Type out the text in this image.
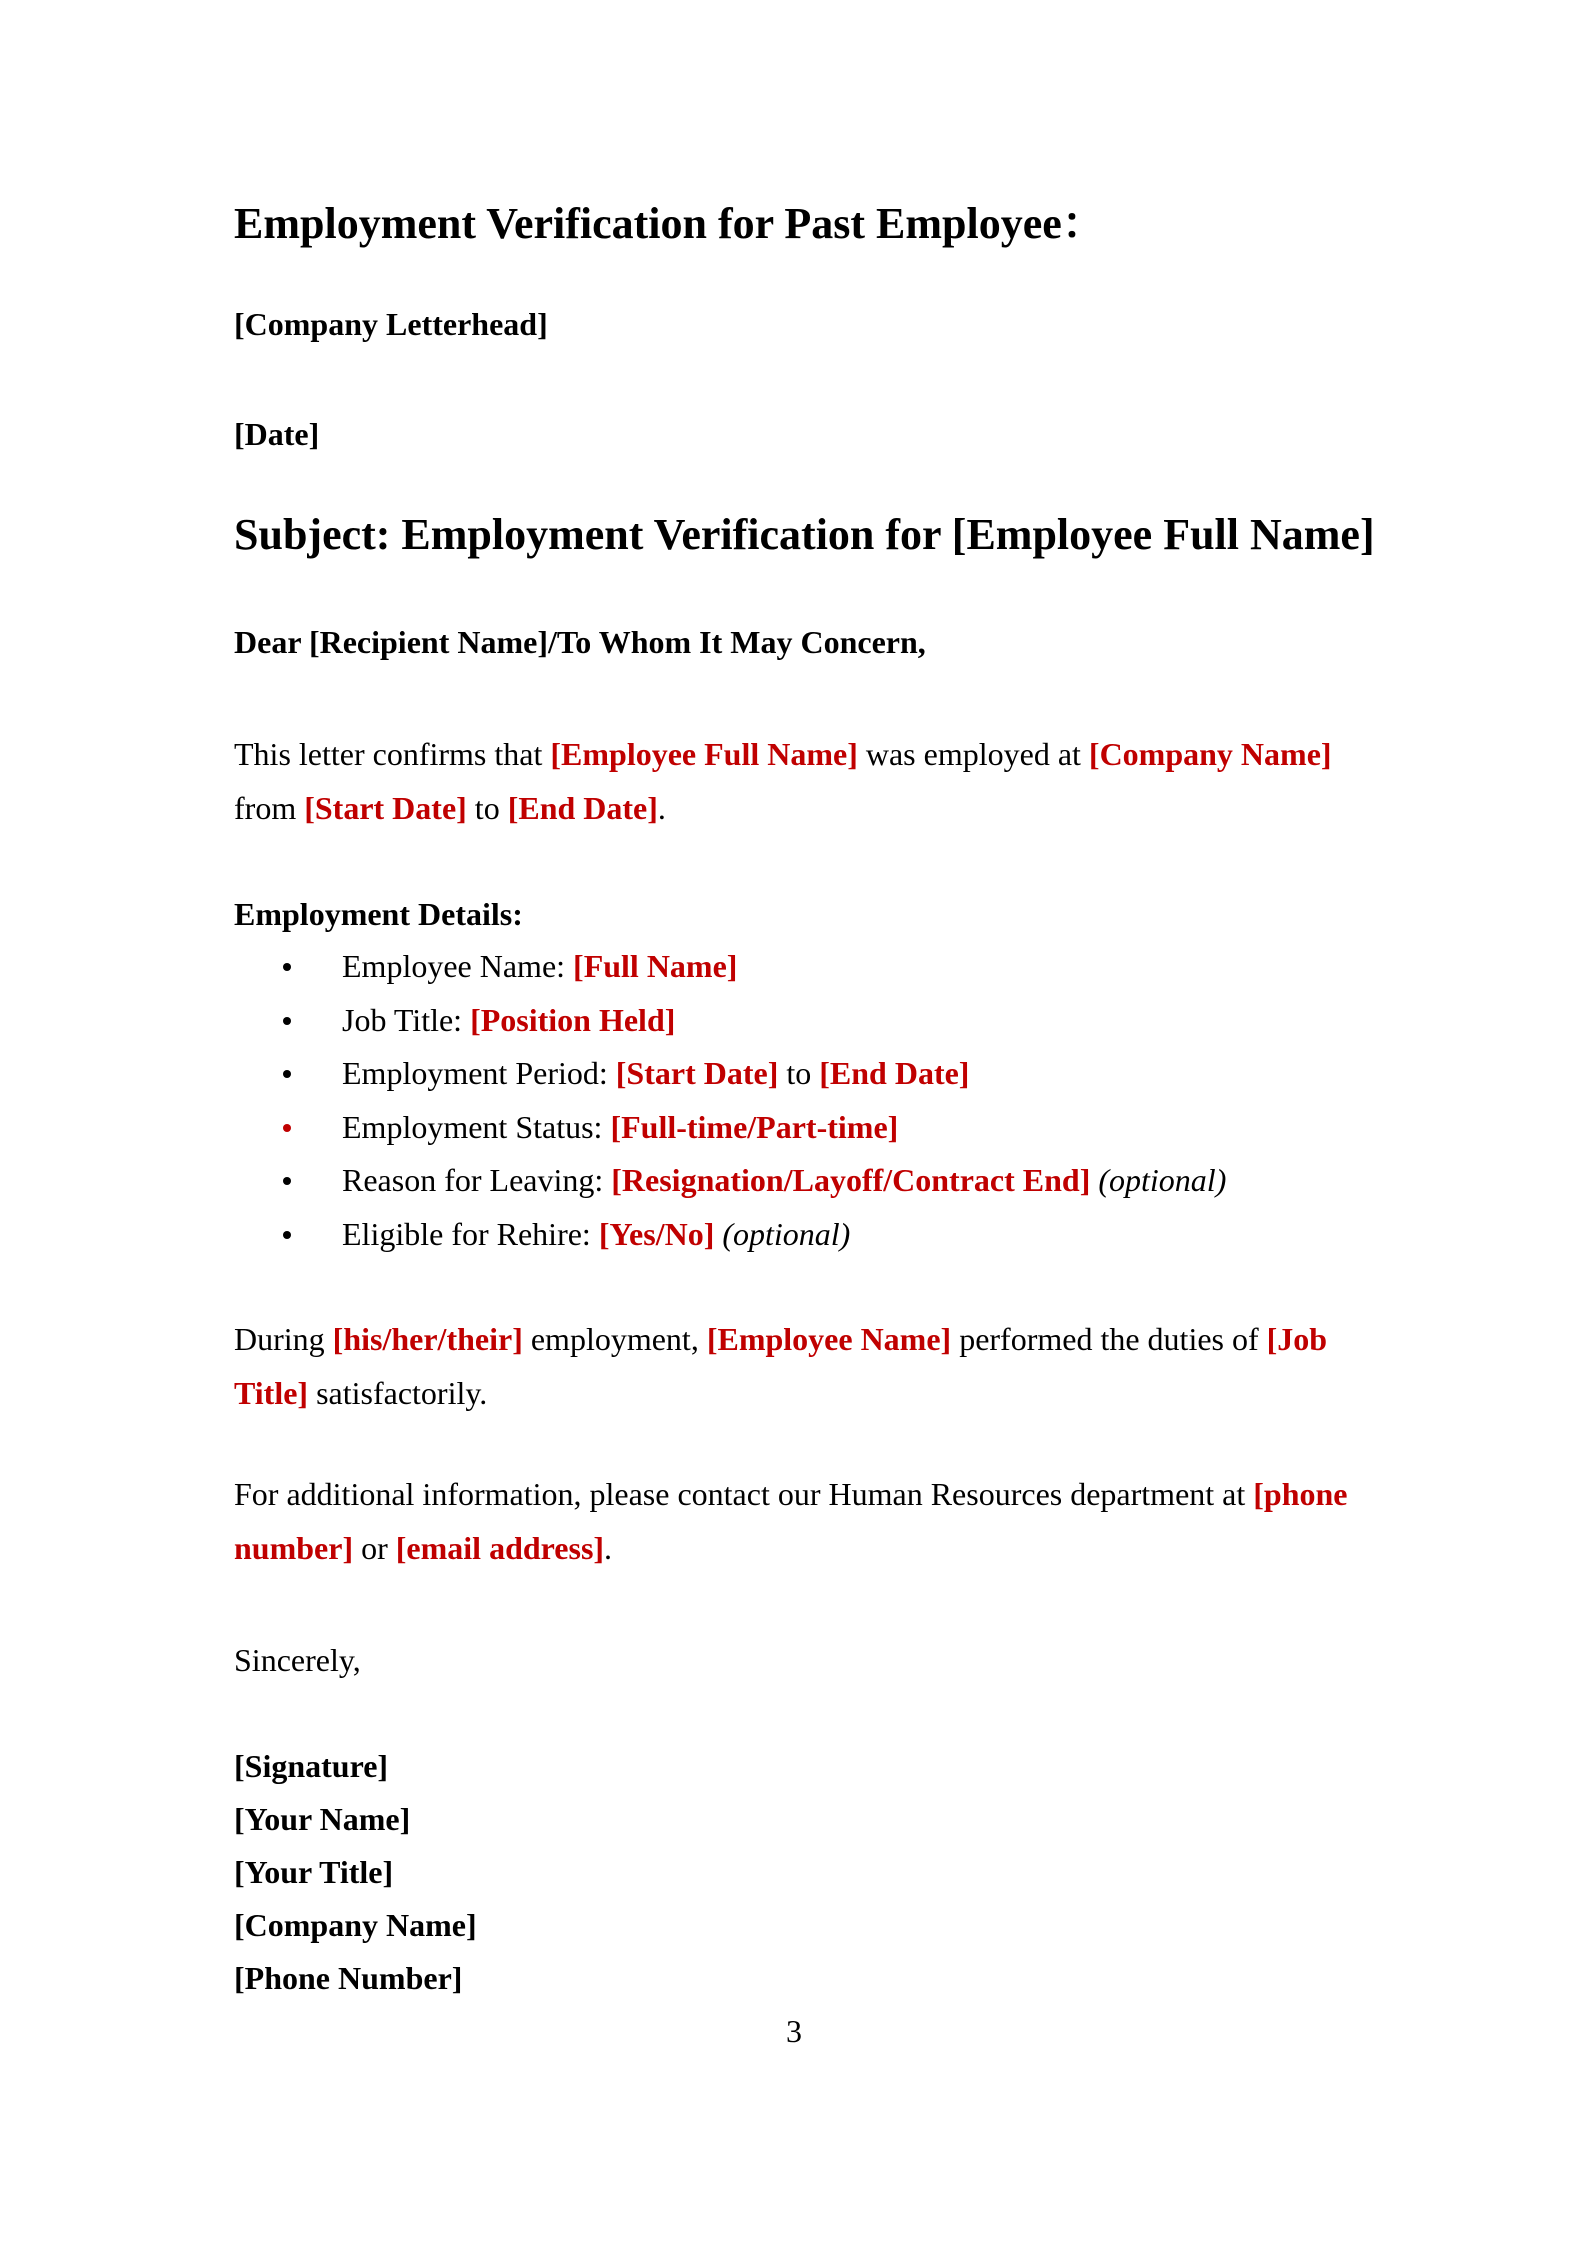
Employment Verification for Past Employee：
[Company Letterhead]
[Date]
Subject: Employment Verification for [Employee Full Name]
Dear [Recipient Name]/To Whom It May Concern,

This letter confirms that [Employee Full Name] was employed at [Company Name] from [Start Date] to [End Date].

Employment Details:
Employee Name: [Full Name]
Job Title: [Position Held]
Employment Period: [Start Date] to [End Date]
Employment Status: [Full-time/Part-time]
Reason for Leaving: [Resignation/Layoff/Contract End] (optional)
Eligible for Rehire: [Yes/No] (optional)

During [his/her/their] employment, [Employee Name] performed the duties of [Job Title] satisfactorily.

For additional information, please contact our Human Resources department at [phone number] or [email address].

Sincerely,
[Signature]
[Your Name]
[Your Title]
[Company Name]
[Phone Number]
3
